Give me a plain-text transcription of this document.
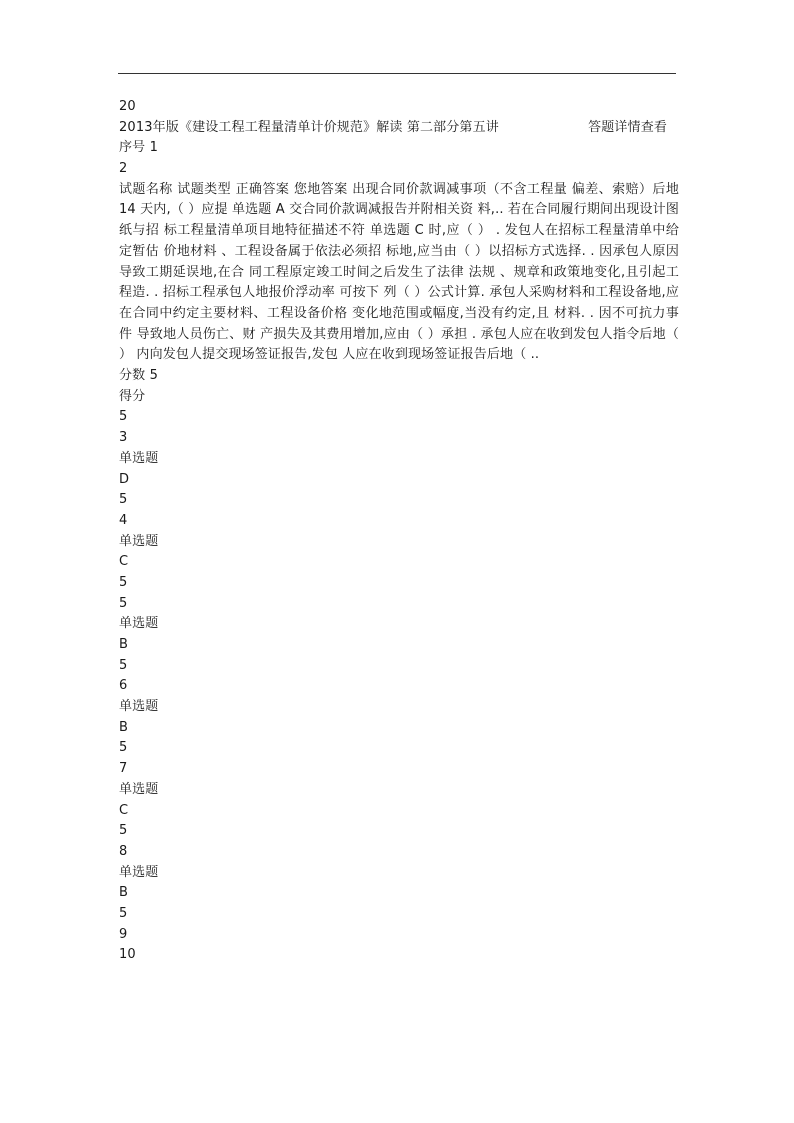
20
2013年版《建设工程工程量清单计价规范》解读 第二部分第五讲	答题详情查看
序号 1
2
试题名称 试题类型 正确答案 您地答案 出现合同价款调减事项（不含工程量 偏差、索赔）后地 14 天内,（ ）应提 单选题 A 交合同价款调减报告并附相关资 料,.. 若在合同履行期间出现设计图纸与招 标工程量清单项目地特征描述不符 单选题 C 时,应（ ） . 发包人在招标工程量清单中给定暂估 价地材料 、工程设备属于依法必须招 标地,应当由（ ）以招标方式选择. . 因承包人原因导致工期延误地,在合 同工程原定竣工时间之后发生了法律 法规 、规章和政策地变化,且引起工 程造. . 招标工程承包人地报价浮动率 可按下 列（ ）公式计算. 承包人采购材料和工程设备地,应在合同中约定主要材料、工程设备价格 变化地范围或幅度,当没有约定,且 材料. . 因不可抗力事件 导致地人员伤亡、财 产损失及其费用增加,应由（ ）承担 . 承包人应在收到发包人指令后地（ ） 内向发包人提交现场签证报告,发包 人应在收到现场签证报告后地（ ..
分数 5
得分
5
3
单选题
D
5
4
单选题
C
5
5
单选题
B
5
6
单选题
B
5
7
单选题
C
5
8
单选题
B
5
9
10
